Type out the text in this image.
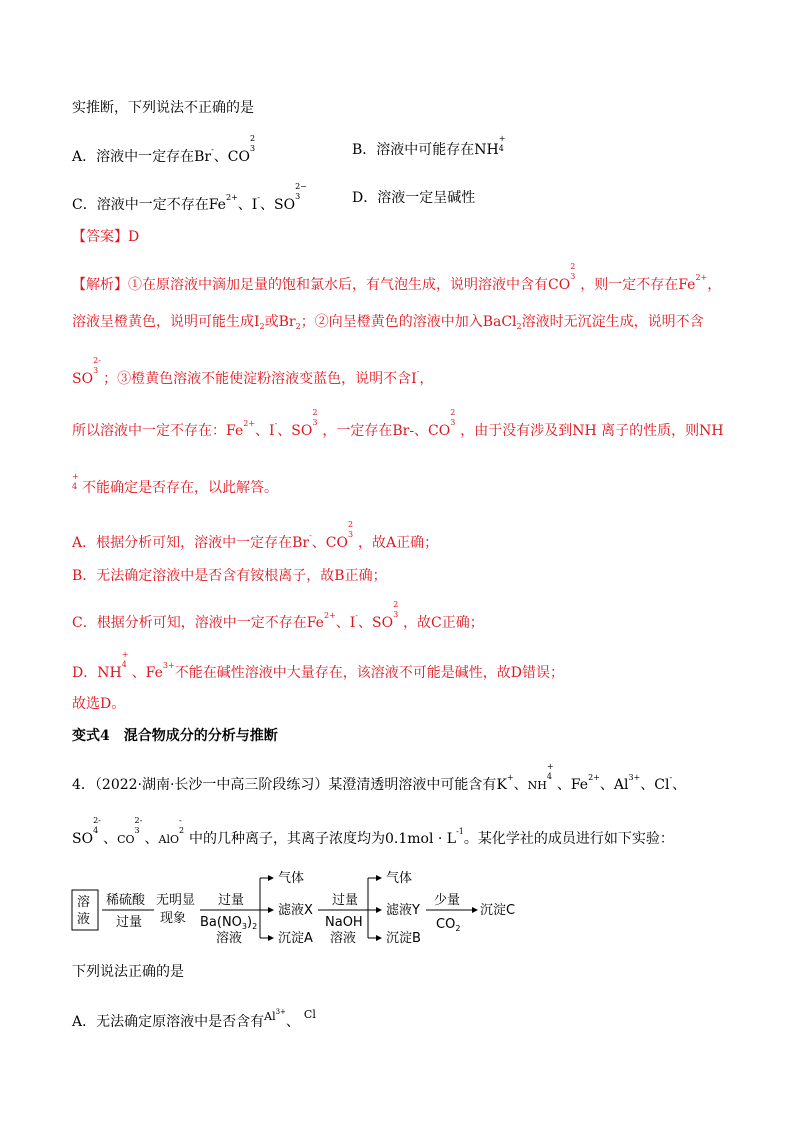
实推断，下列说法不正确的是
A．溶液中一定存在Br-、CO
2
3	B．溶液中可能存在NH
+
4
C．溶液中一定不存在$Fe^{2+}$、I-、SO
2−
3	D．溶液一定呈碱性
【答案】D
【解析】①在原溶液中滴加足量的饱和氯水后，有气泡生成，说明溶液中含有CO
2
3
，则一定不存在$Fe^{2+}$，
溶液呈橙黄色，说明可能生成$I_2$或$Br_2$；②向呈橙黄色的溶液中加入BaCl$_2$溶液时无沉淀生成，说明不含
SO
2-
3
；③橙黄色溶液不能使淀粉溶液变蓝色，说明不含I-，
所以溶液中一定不存在：$Fe^{2+}$、I-、SO
2
3
，一定存在Br-、CO
2
3
，由于没有涉及到NH 离子的性质，则NH
+
4 不能确定是否存在，以此解答。
A．根据分析可知，溶液中一定存在Br-、CO
2
3
，故A正确；
B．无法确定溶液中是否含有铵根离子，故B正确；
C．根据分析可知，溶液中一定不存在$Fe^{2+}$、I-、SO
2
3
，故C正确；
D．NH
+
4
、$Fe^{3+}$不能在碱性溶液中大量存在，该溶液不可能是碱性，故D错误；
故选D。
变式4　混合物成分的分析与推断
4．（2022·湖南·长沙一中高三阶段练习）某澄清透明溶液中可能含有K+、NH
+
4
、$Fe^{2+}$、$Al^{3+}$、Cl-、
SO
2-
4
、CO
2-
3
、AlO
-
2
中的几种离子，其离子浓度均为$0.1mol \cdot L^{-1}$。某化学社的成员进行如下实验：
溶
液
稀硫酸
过量
无明显
现象
过量
$Ba(NO_3)_2$
溶液
气体
滤液X
沉淀A
过量
NaOH
溶液
气体
滤液Y
沉淀B
少量
$CO_2$
沉淀C
下列说法正确的是
A．无法确定原溶液中是否含有$^{Al3+}$、 $^{Cl}$
